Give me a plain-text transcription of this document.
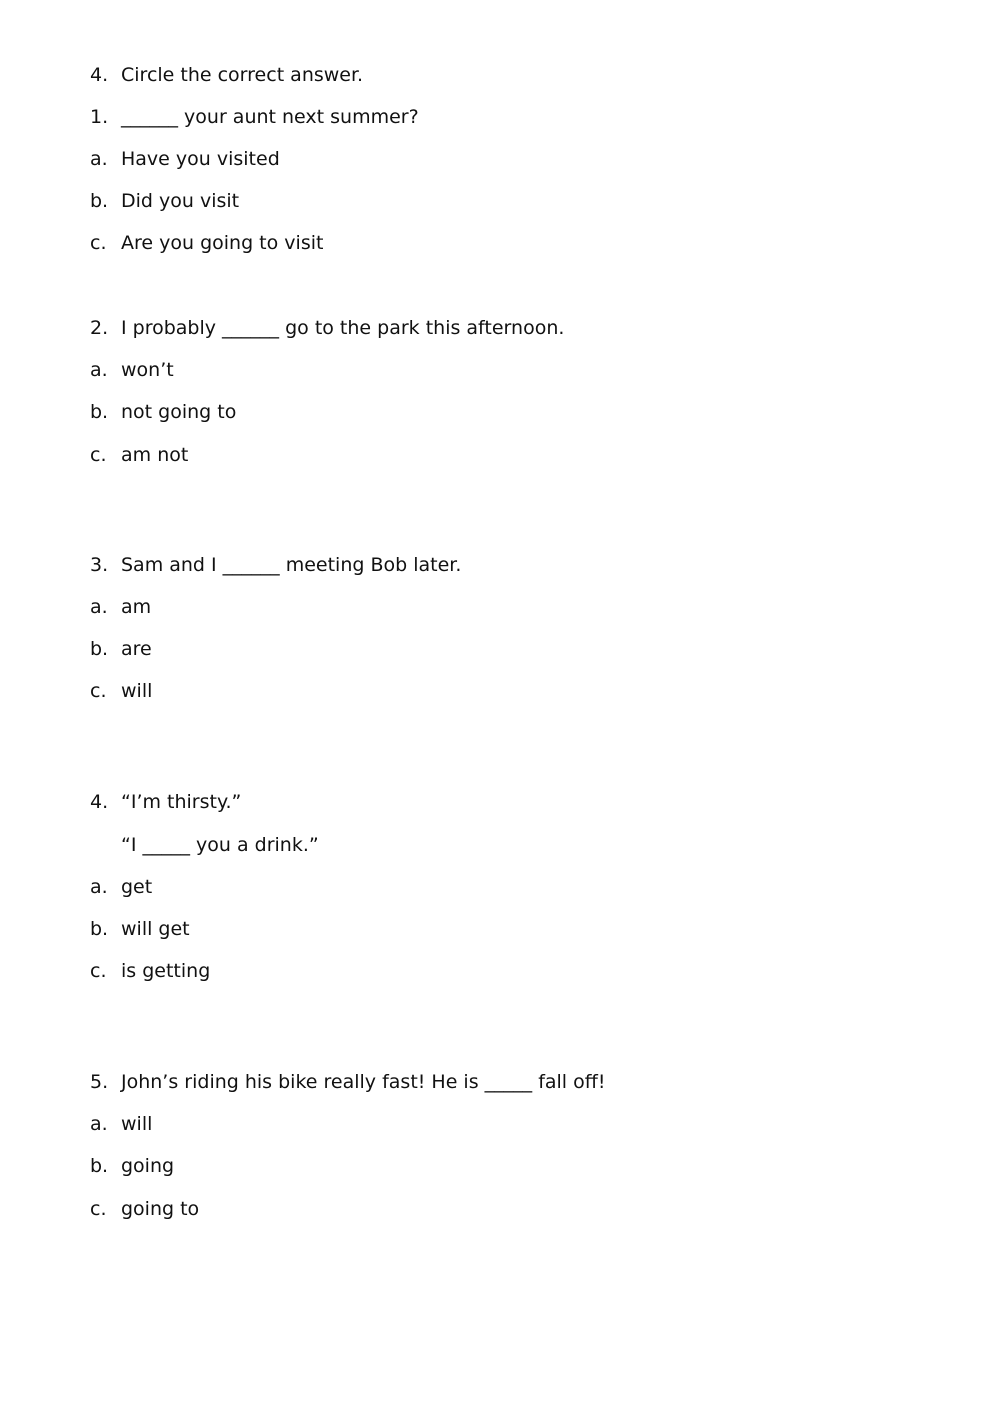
4. Circle the correct answer.
1. ______ your aunt next summer?
a. Have you visited
b. Did you visit
c. Are you going to visit
2. I probably ______ go to the park this afternoon.
a. won’t
b. not going to
c. am not
3. Sam and I ______ meeting Bob later.
a. am
b. are
c. will
4. “I’m thirsty.”
“I _____ you a drink.”
a. get
b. will get
c. is getting
5. John’s riding his bike really fast! He is _____ fall off!
a. will
b. going
c. going to
